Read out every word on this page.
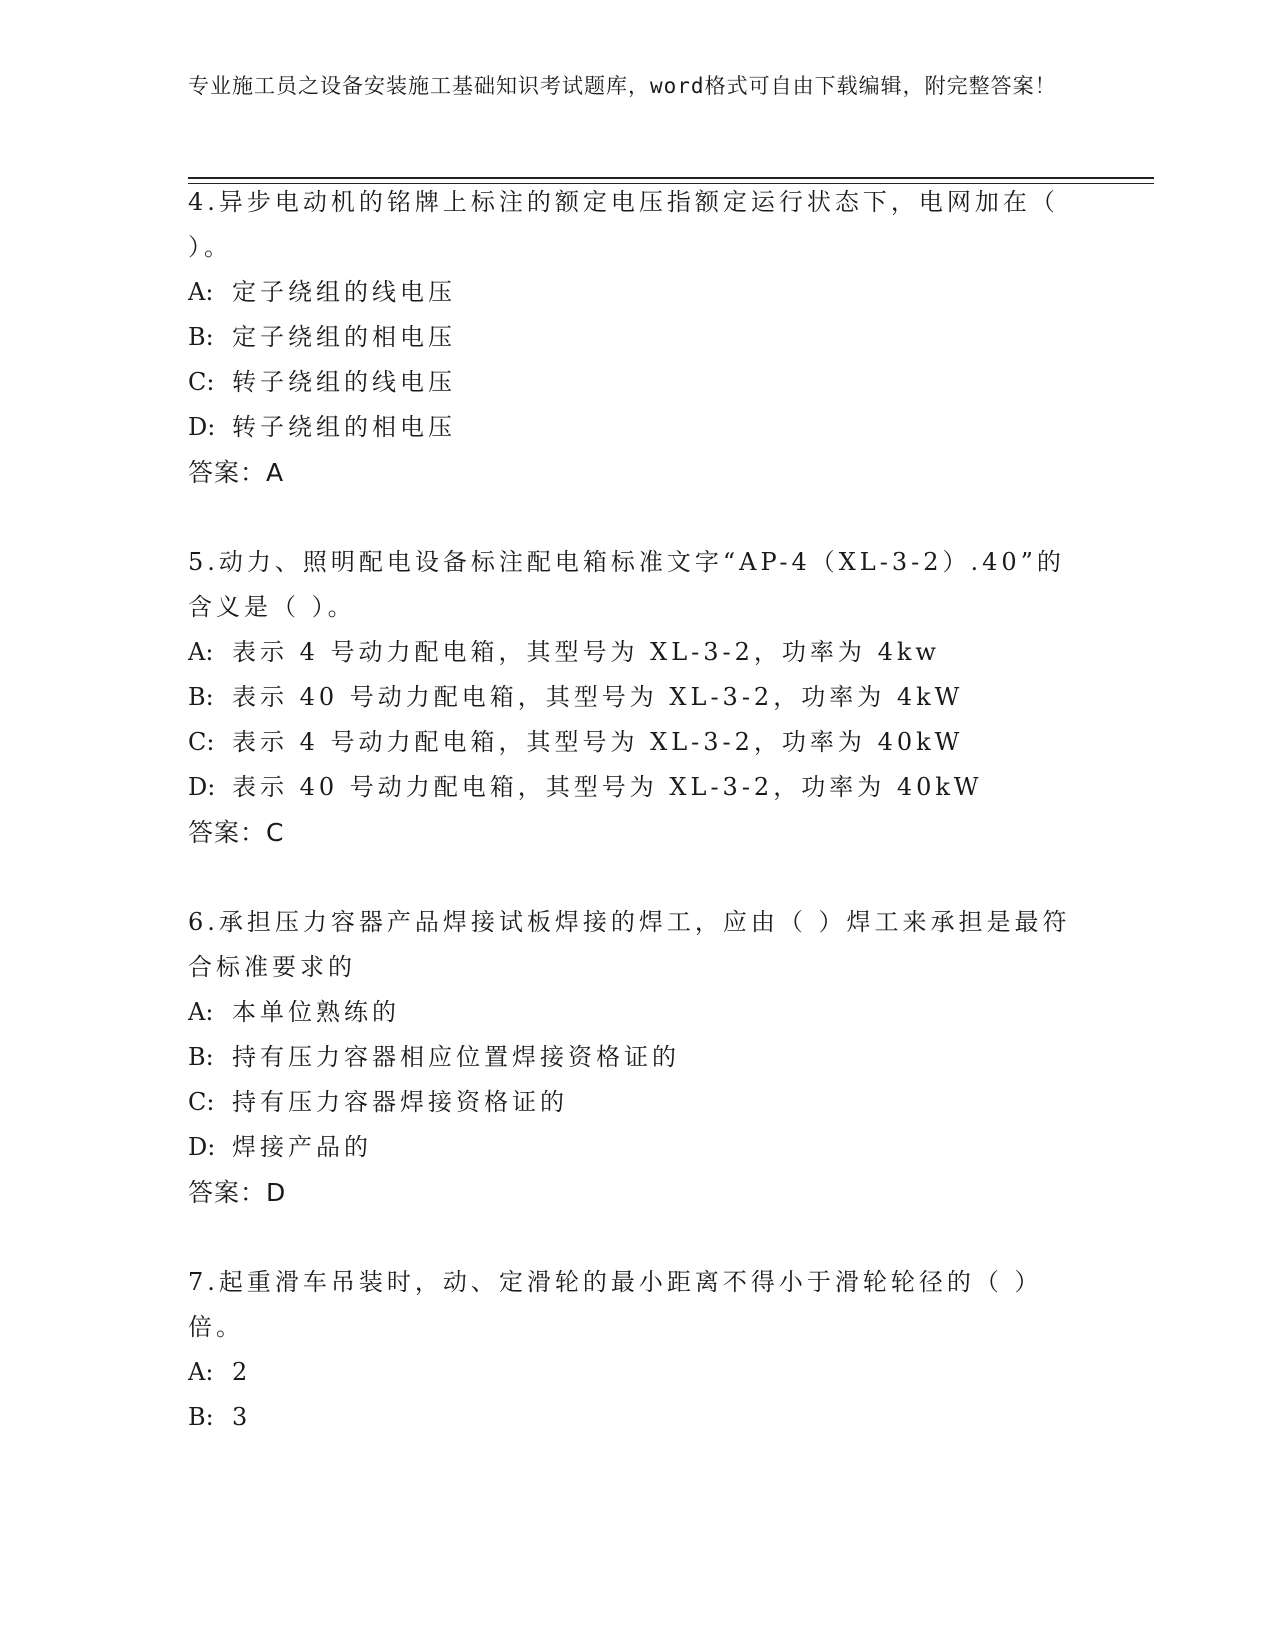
专业施工员之设备安装施工基础知识考试题库，word格式可自由下载编辑，附完整答案！
4.异步电动机的铭牌上标注的额定电压指额定运行状态下，电网加在（ ）。
A: 定子绕组的线电压
B: 定子绕组的相电压
C: 转子绕组的线电压
D: 转子绕组的相电压
答案：A
5.动力、照明配电设备标注配电箱标准文字“AP-4（XL-3-2）.40”的含义是（ ）。
A: 表示 4 号动力配电箱，其型号为 XL-3-2，功率为 4kw
B: 表示 40 号动力配电箱，其型号为 XL-3-2，功率为 4kW
C: 表示 4 号动力配电箱，其型号为 XL-3-2，功率为 40kW
D: 表示 40 号动力配电箱，其型号为 XL-3-2，功率为 40kW
答案：C
6.承担压力容器产品焊接试板焊接的焊工，应由（ ）焊工来承担是最符合标准要求的
A: 本单位熟练的
B: 持有压力容器相应位置焊接资格证的
C: 持有压力容器焊接资格证的
D: 焊接产品的
答案：D
7.起重滑车吊装时，动、定滑轮的最小距离不得小于滑轮轮径的（ ）倍。
A: 2
B: 3
